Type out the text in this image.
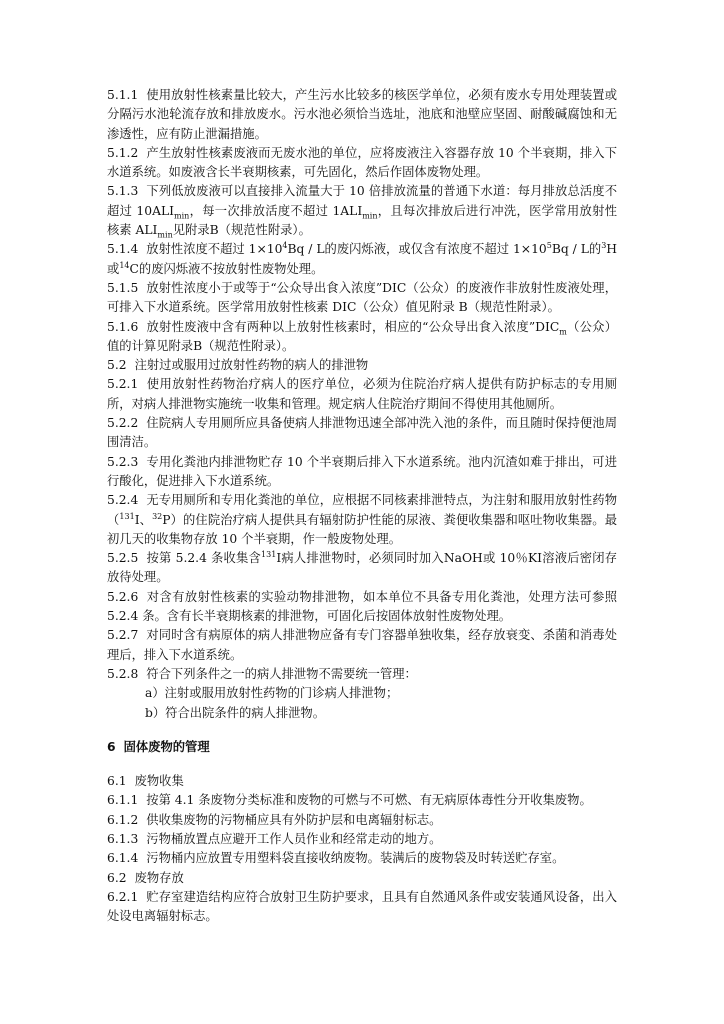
5.1.1 使用放射性核素量比较大，产生污水比较多的核医学单位，必须有废水专用处理装置或分隔污水池轮流存放和排放废水。污水池必须恰当选址，池底和池壁应坚固、耐酸碱腐蚀和无渗透性，应有防止泄漏措施。

5.1.2 产生放射性核素废液而无废水池的单位，应将废液注入容器存放 10 个半衰期，排入下水道系统。如废液含长半衰期核素，可先固化，然后作固体废物处理。

5.1.3 下列低放废液可以直接排入流量大于 10 倍排放流量的普通下水道：每月排放总活度不超过 $10ALI_{min}$，每一次排放活度不超过 $1ALI_{min}$，且每次排放后进行冲洗，医学常用放射性核素 $ALI_{min}$见附录B（规范性附录）。

5.1.4 放射性浓度不超过 $1\times 10^4Bq / L$的废闪烁液，或仅含有浓度不超过 $1\times 10^5Bq / L$的$^3$H或$^{14}$C的废闪烁液不按放射性废物处理。

5.1.5 放射性浓度小于或等于“公众导出食入浓度”DIC（公众）的废液作非放射性废液处理，可排入下水道系统。医学常用放射性核素 DIC（公众）值见附录 B（规范性附录）。

5.1.6 放射性废液中含有两种以上放射性核素时，相应的“公众导出食入浓度$”DIC_m$（公众）值的计算见附录B（规范性附录）。

5.2 注射过或服用过放射性药物的病人的排泄物

5.2.1 使用放射性药物治疗病人的医疗单位，必须为住院治疗病人提供有防护标志的专用厕所，对病人排泄物实施统一收集和管理。规定病人住院治疗期间不得使用其他厕所。

5.2.2 住院病人专用厕所应具备使病人排泄物迅速全部冲洗入池的条件，而且随时保持便池周围清洁。

5.2.3 专用化粪池内排泄物贮存 10 个半衰期后排入下水道系统。池内沉渣如难于排出，可进行酸化，促进排入下水道系统。

5.2.4 无专用厕所和专用化粪池的单位，应根据不同核素排泄特点，为注射和服用放射性药物（$^{131}$I、$^{32}$P）的住院治疗病人提供具有辐射防护性能的尿液、粪便收集器和呕吐物收集器。最初几天的收集物存放 10 个半衰期，作一般废物处理。

5.2.5 按第 5.2.4 条收集含$^{131}$I病人排泄物时，必须同时加入NaOH或 10％KI溶液后密闭存放待处理。

5.2.6 对含有放射性核素的实验动物排泄物，如本单位不具备专用化粪池，处理方法可参照 5.2.4 条。含有长半衰期核素的排泄物，可固化后按固体放射性废物处理。

5.2.7 对同时含有病原体的病人排泄物应备有专门容器单独收集，经存放衰变、杀菌和消毒处理后，排入下水道系统。

5.2.8 符合下列条件之一的病人排泄物不需要统一管理：

a）注射或服用放射性药物的门诊病人排泄物；

b）符合出院条件的病人排泄物。

6 固体废物的管理

6.1 废物收集

6.1.1 按第 4.1 条废物分类标准和废物的可燃与不可燃、有无病原体毒性分开收集废物。

6.1.2 供收集废物的污物桶应具有外防护层和电离辐射标志。

6.1.3 污物桶放置点应避开工作人员作业和经常走动的地方。

6.1.4 污物桶内应放置专用塑料袋直接收纳废物。装满后的废物袋及时转送贮存室。

6.2 废物存放

6.2.1 贮存室建造结构应符合放射卫生防护要求，且具有自然通风条件或安装通风设备，出入处设电离辐射标志。
